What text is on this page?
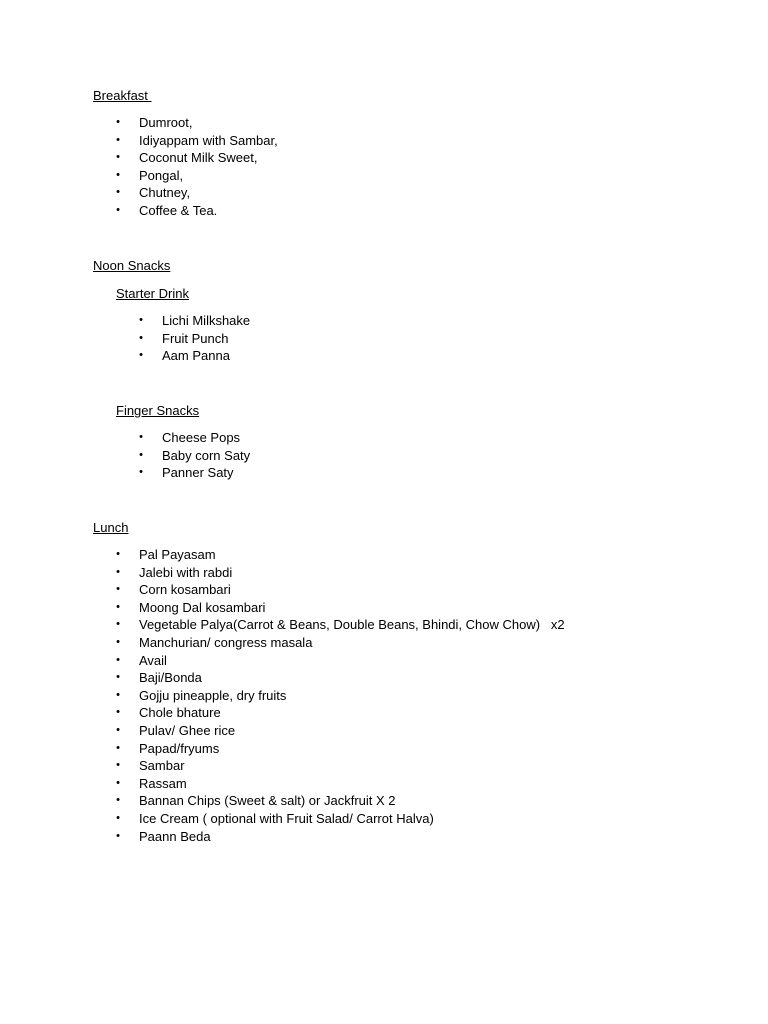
Breakfast
• Dumroot,
• Idiyappam with Sambar,
• Coconut Milk Sweet,
• Pongal,
• Chutney,
• Coffee & Tea.
Noon Snacks
Starter Drink
• Lichi Milkshake
• Fruit Punch
• Aam Panna
Finger Snacks
• Cheese Pops
• Baby corn Saty
• Panner Saty
Lunch
• Pal Payasam
• Jalebi with rabdi
• Corn kosambari
• Moong Dal kosambari
• Vegetable Palya(Carrot & Beans, Double Beans, Bhindi, Chow Chow)   x2
• Manchurian/ congress masala
• Avail
• Baji/Bonda
• Gojju pineapple, dry fruits
• Chole bhature
• Pulav/ Ghee rice
• Papad/fryums
• Sambar
• Rassam
• Bannan Chips (Sweet & salt) or Jackfruit X 2
• Ice Cream ( optional with Fruit Salad/ Carrot Halva)
• Paann Beda
